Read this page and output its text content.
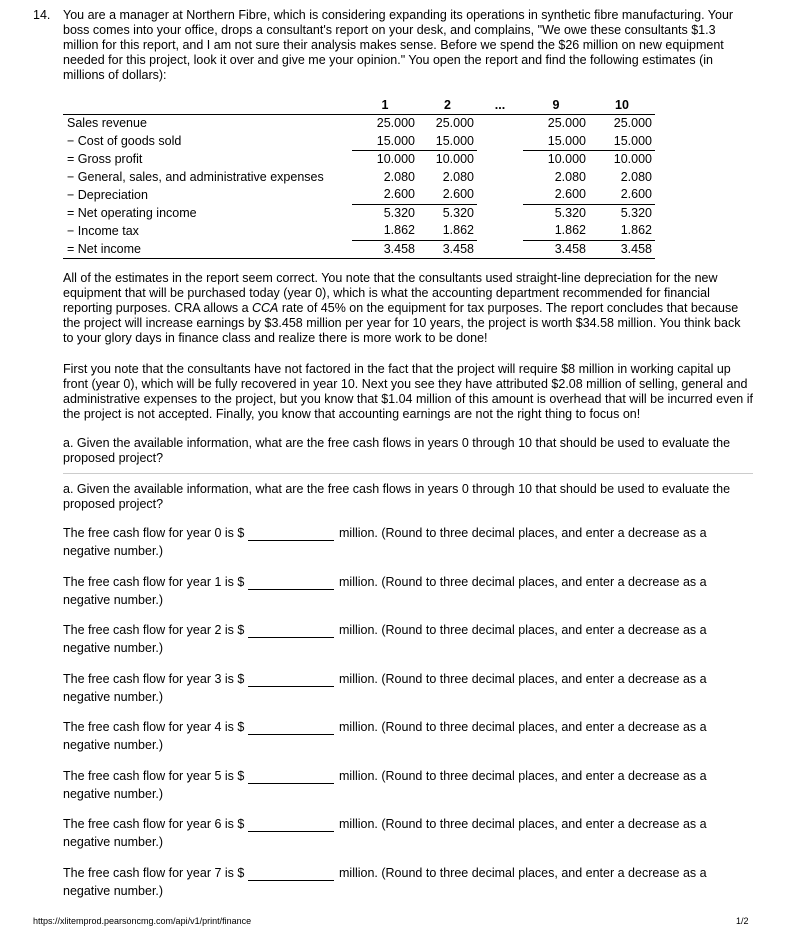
14. You are a manager at Northern Fibre, which is considering expanding its operations in synthetic fibre manufacturing. Your boss comes into your office, drops a consultant's report on your desk, and complains, "We owe these consultants $1.3 million for this report, and I am not sure their analysis makes sense. Before we spend the $26 million on new equipment needed for this project, look it over and give me your opinion." You open the report and find the following estimates (in millions of dollars):

	1	2	...	9	10
Sales revenue	25.000	25.000		25.000	25.000
− Cost of goods sold	15.000	15.000		15.000	15.000
= Gross profit	10.000	10.000		10.000	10.000
− General, sales, and administrative expenses	2.080	2.080		2.080	2.080
− Depreciation	2.600	2.600		2.600	2.600
= Net operating income	5.320	5.320		5.320	5.320
− Income tax	1.862	1.862		1.862	1.862
= Net income	3.458	3.458		3.458	3.458

All of the estimates in the report seem correct. You note that the consultants used straight-line depreciation for the new equipment that will be purchased today (year 0), which is what the accounting department recommended for financial reporting purposes. CRA allows a CCA rate of 45% on the equipment for tax purposes. The report concludes that because the project will increase earnings by $3.458 million per year for 10 years, the project is worth $34.58 million. You think back to your glory days in finance class and realize there is more work to be done!

First you note that the consultants have not factored in the fact that the project will require $8 million in working capital up front (year 0), which will be fully recovered in year 10. Next you see they have attributed $2.08 million of selling, general and administrative expenses to the project, but you know that $1.04 million of this amount is overhead that will be incurred even if the project is not accepted. Finally, you know that accounting earnings are not the right thing to focus on!

a. Given the available information, what are the free cash flows in years 0 through 10 that should be used to evaluate the proposed project?

a. Given the available information, what are the free cash flows in years 0 through 10 that should be used to evaluate the proposed project?

The free cash flow for year 0 is $	million. (Round to three decimal places, and enter a decrease as a
negative number.)
The free cash flow for year 1 is $	million. (Round to three decimal places, and enter a decrease as a
negative number.)
The free cash flow for year 2 is $	million. (Round to three decimal places, and enter a decrease as a
negative number.)
The free cash flow for year 3 is $	million. (Round to three decimal places, and enter a decrease as a
negative number.)
The free cash flow for year 4 is $	million. (Round to three decimal places, and enter a decrease as a
negative number.)
The free cash flow for year 5 is $	million. (Round to three decimal places, and enter a decrease as a
negative number.)
The free cash flow for year 6 is $	million. (Round to three decimal places, and enter a decrease as a
negative number.)
The free cash flow for year 7 is $	million. (Round to three decimal places, and enter a decrease as a
negative number.)
https://xlitemprod.pearsoncmg.com/api/v1/print/finance	1/2
